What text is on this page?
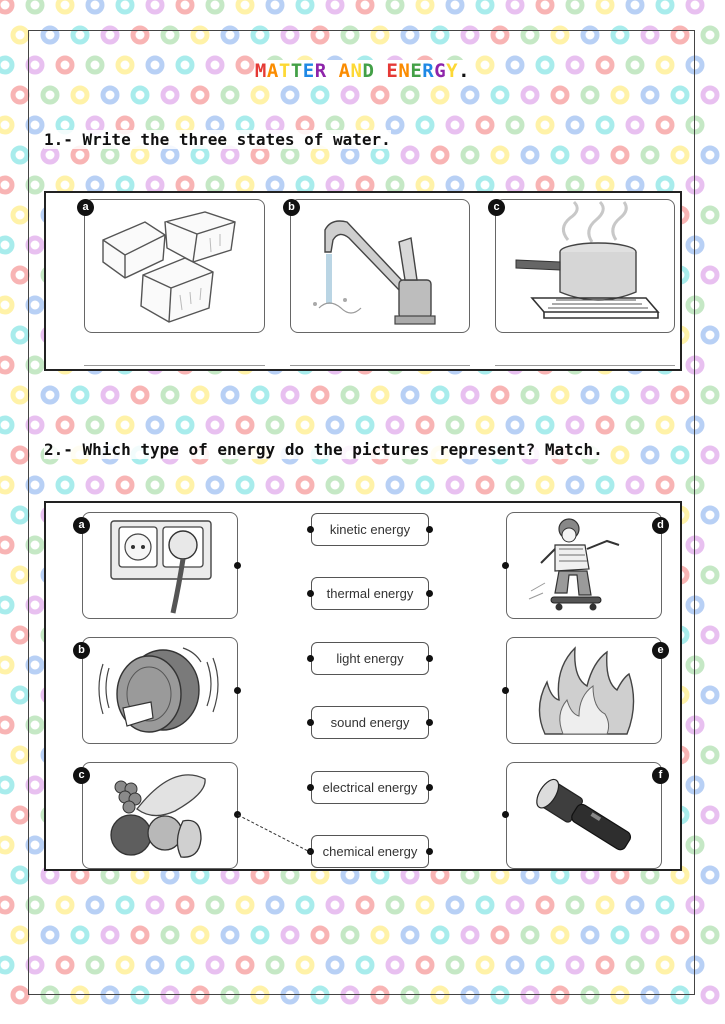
MATTER AND ENERGY.
1.- Write the three states of water.
a	b	c
2.- Which type of energy do the pictures represent? Match.
a
b
c
d
e
f
kinetic energy
thermal energy
light energy
sound energy
electrical energy
chemical energy
